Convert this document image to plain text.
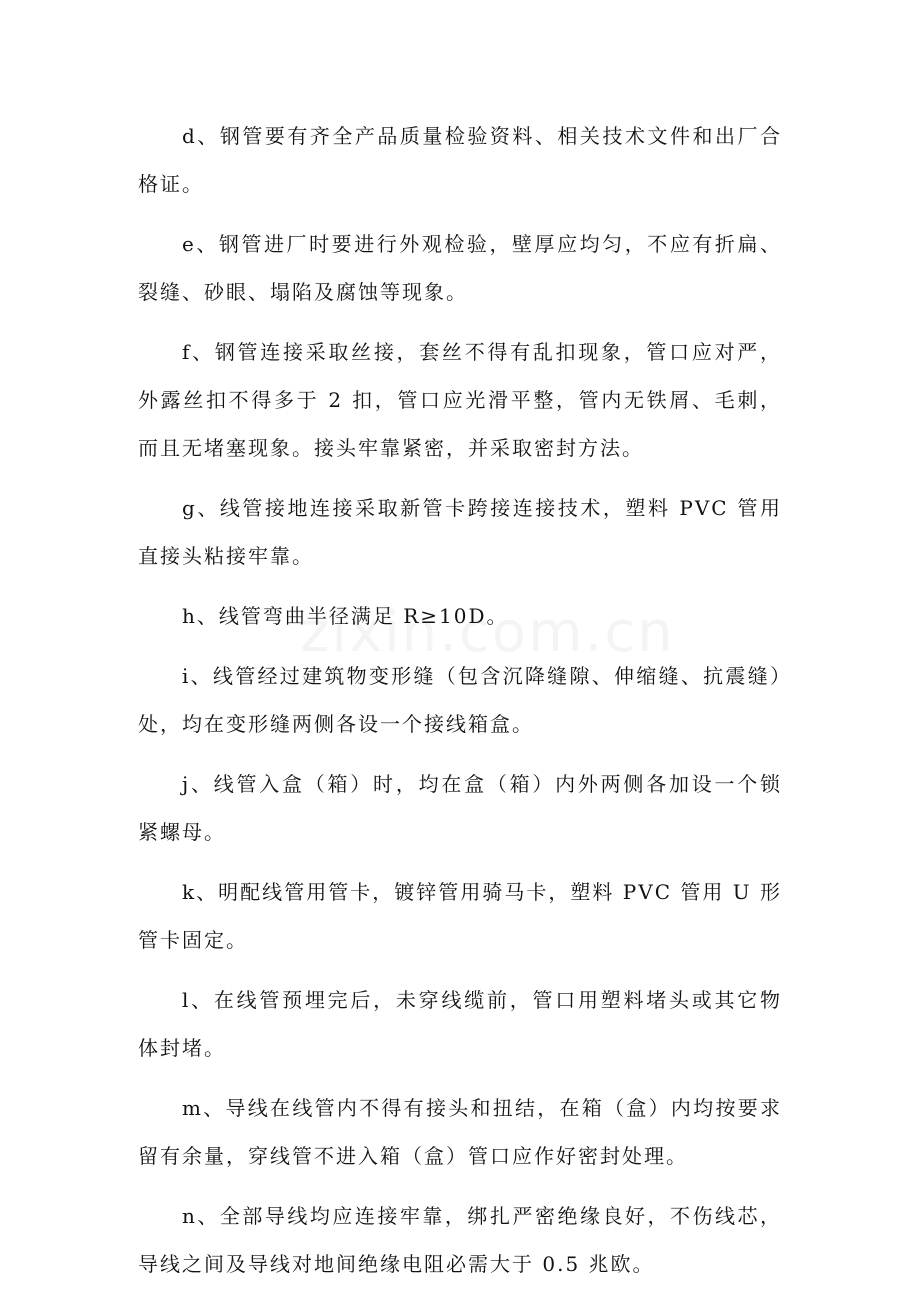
d、钢管要有齐全产品质量检验资料、相关技术文件和出厂合格证。

e、钢管进厂时要进行外观检验，壁厚应均匀，不应有折扁、裂缝、砂眼、塌陷及腐蚀等现象。

f、钢管连接采取丝接，套丝不得有乱扣现象，管口应对严，外露丝扣不得多于 2 扣，管口应光滑平整，管内无铁屑、毛刺，而且无堵塞现象。接头牢靠紧密，并采取密封方法。

g、线管接地连接采取新管卡跨接连接技术，塑料 PVC 管用直接头粘接牢靠。

h、线管弯曲半径满足 R≥10D。

i、线管经过建筑物变形缝（包含沉降缝隙、伸缩缝、抗震缝）处，均在变形缝两侧各设一个接线箱盒。

j、线管入盒（箱）时，均在盒（箱）内外两侧各加设一个锁紧螺母。

k、明配线管用管卡，镀锌管用骑马卡，塑料 PVC 管用 U 形管卡固定。

l、在线管预埋完后，未穿线缆前，管口用塑料堵头或其它物体封堵。

m、导线在线管内不得有接头和扭结，在箱（盒）内均按要求留有余量，穿线管不进入箱（盒）管口应作好密封处理。

n、全部导线均应连接牢靠，绑扎严密绝缘良好，不伤线芯，导线之间及导线对地间绝缘电阻必需大于 0.5 兆欧。
